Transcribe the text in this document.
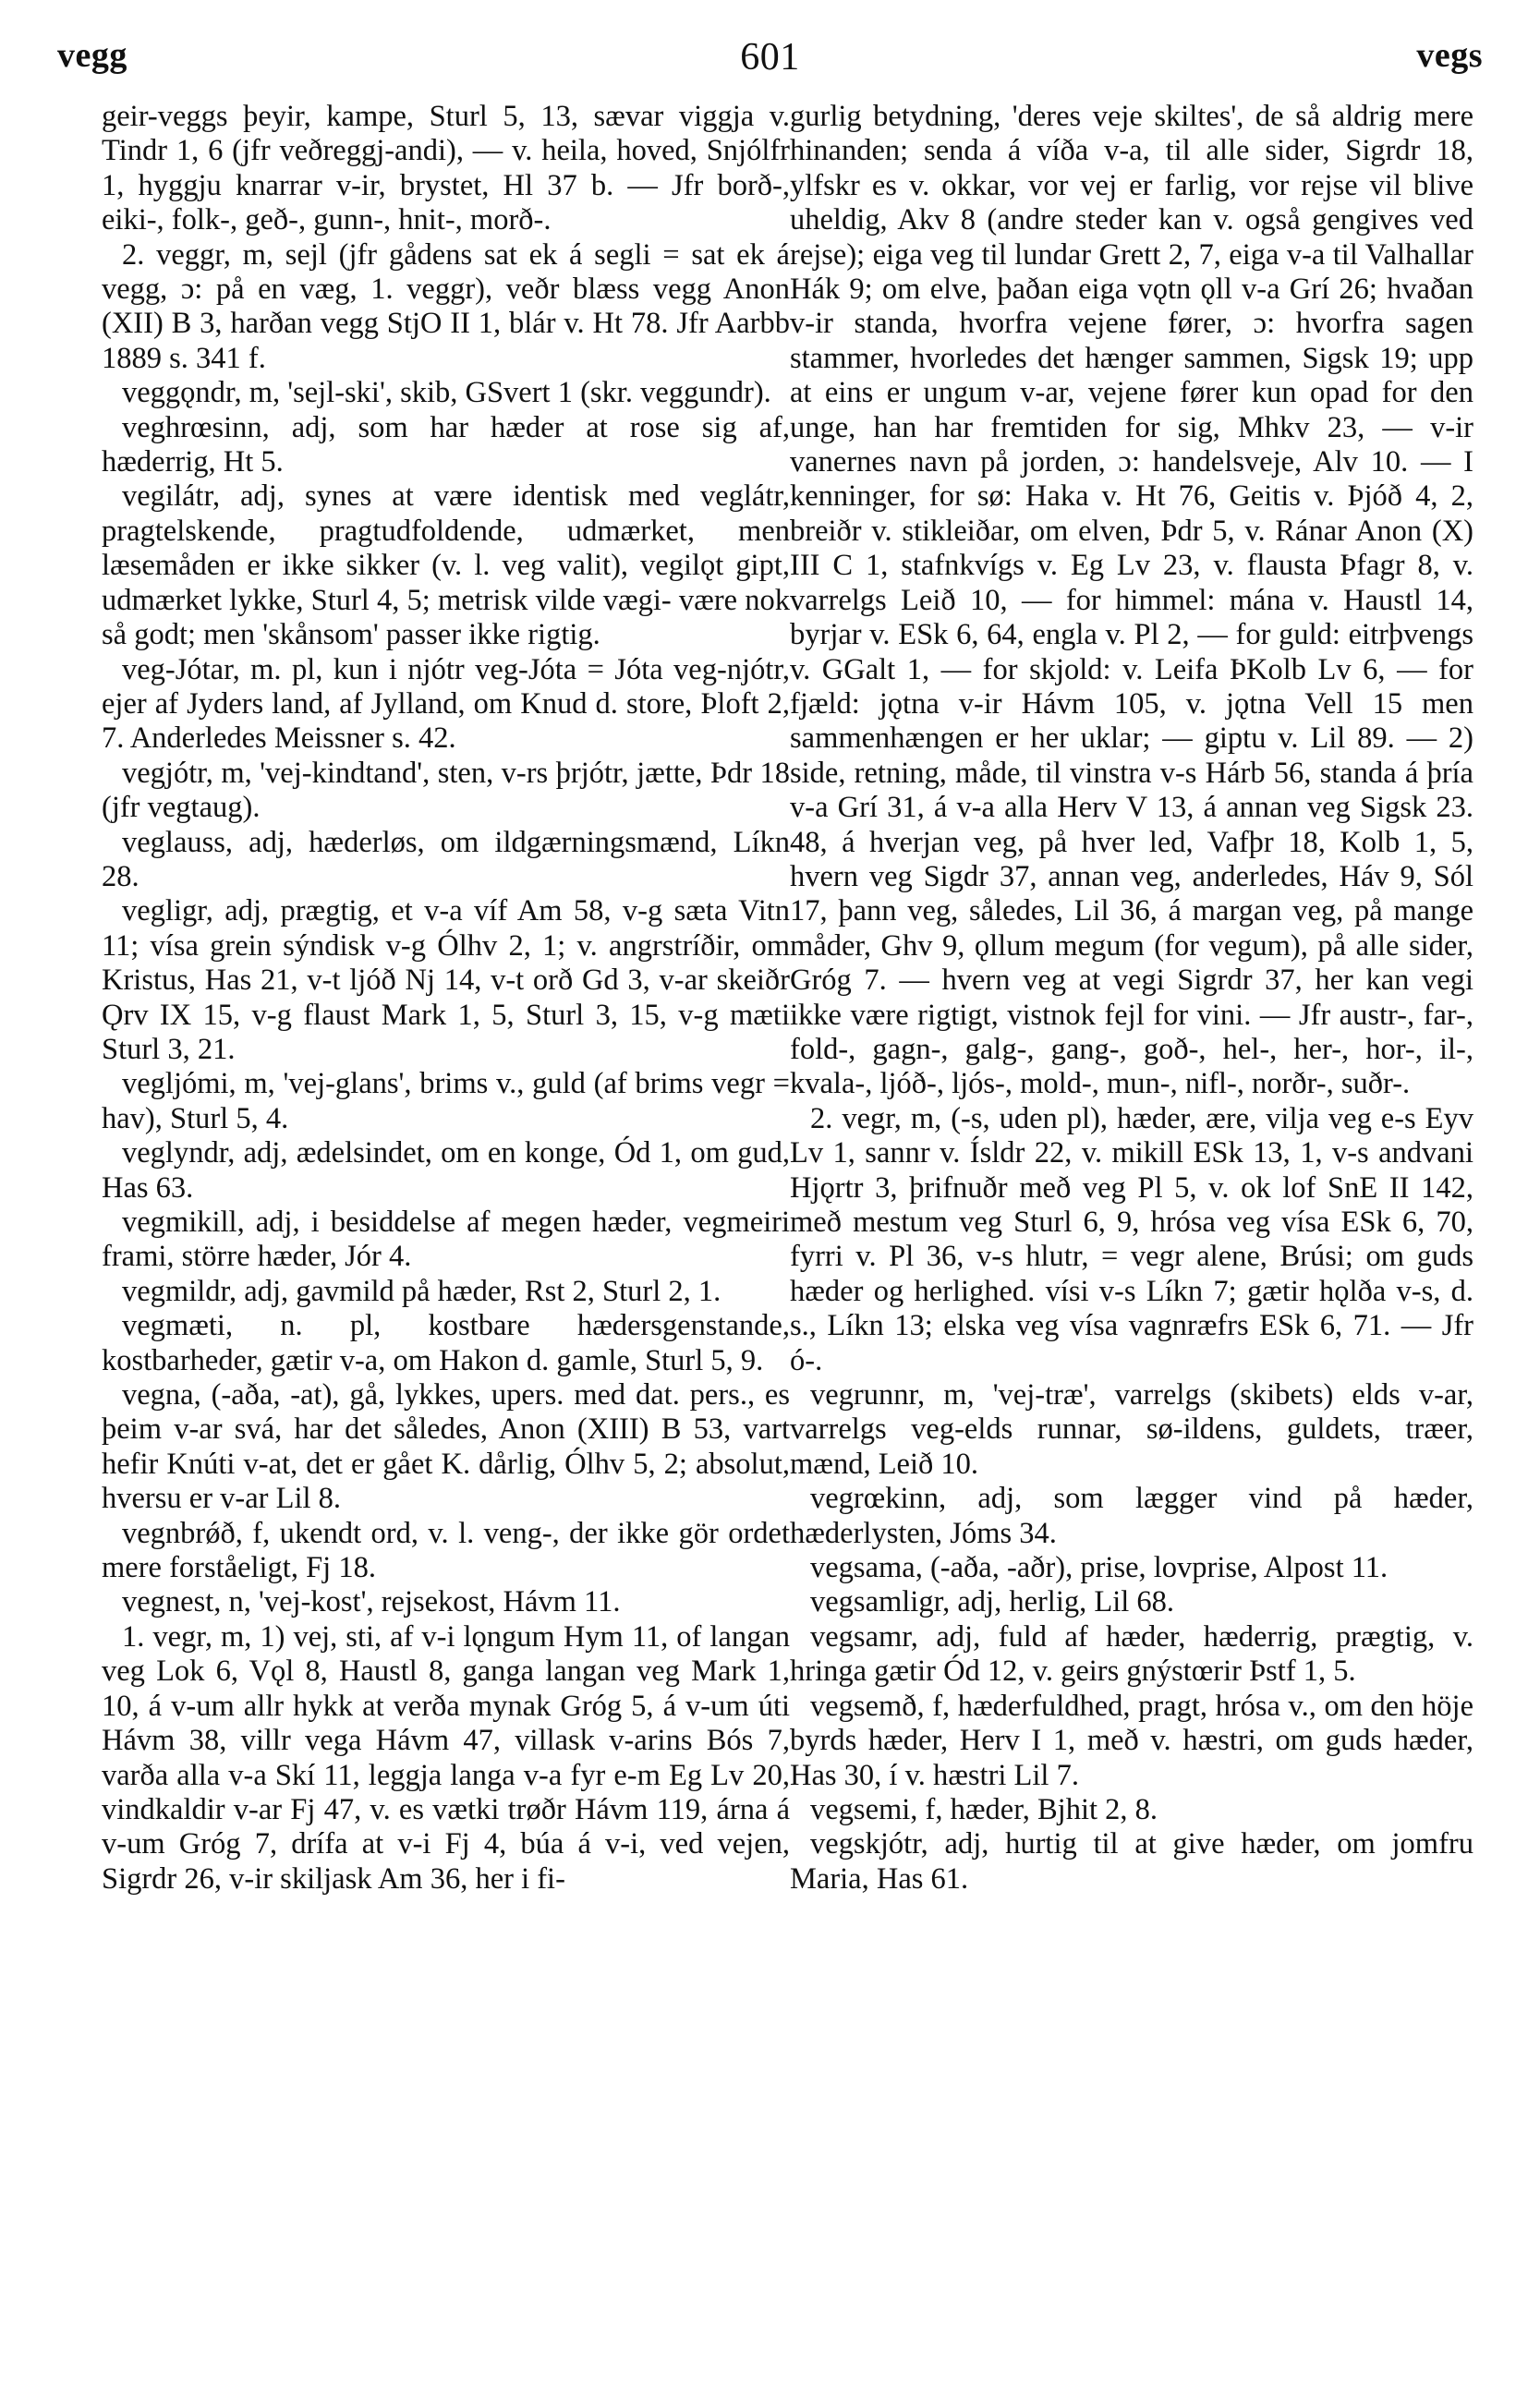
vegg	601	vegs

geir-veggs þeyir, kampe, Sturl 5, 13, sævar viggja v. Tindr 1, 6 (jfr veðreggj-andi), — v. heila, hoved, Snjólfr 1, hyggju knarrar v-ir, brystet, Hl 37 b. — Jfr borð-, eiki-, folk-, geð-, gunn-, hnit-, morð-.

2. veggr, m, sejl (jfr gådens sat ek á segli = sat ek á vegg, ɔ: på en væg, 1. veggr), veðr blæss vegg Anon (XII) B 3, harðan vegg StjO II 1, blár v. Ht 78. Jfr Aarbb 1889 s. 341 f.

veggǫndr, m, 'sejl-ski', skib, GSvert 1 (skr. veggundr).

veghrœsinn, adj, som har hæder at rose sig af, hæderrig, Ht 5.

vegilátr, adj, synes at være identisk med veglátr, pragtelskende, pragtudfoldende, udmærket, men læsemåden er ikke sikker (v. l. veg valit), vegilǫt gipt, udmærket lykke, Sturl 4, 5; metrisk vilde vægi- være nok så godt; men 'skånsom' passer ikke rigtig.

veg-Jótar, m. pl, kun i njótr veg-Jóta = Jóta veg-njótr, ejer af Jyders land, af Jylland, om Knud d. store, Þloft 2, 7. Anderledes Meissner s. 42.

vegjótr, m, 'vej-kindtand', sten, v-rs þrjótr, jætte, Þdr 18 (jfr vegtaug).

veglauss, adj, hæderløs, om ildgærningsmænd, Líkn 28.

vegligr, adj, prægtig, et v-a víf Am 58, v-g sæta Vitn 11; vísa grein sýndisk v-g Ólhv 2, 1; v. angrstríðir, om Kristus, Has 21, v-t ljóð Nj 14, v-t orð Gd 3, v-ar skeiðr Ǫrv IX 15, v-g flaust Mark 1, 5, Sturl 3, 15, v-g mæti Sturl 3, 21.

vegljómi, m, 'vej-glans', brims v., guld (af brims vegr = hav), Sturl 5, 4.

veglyndr, adj, ædelsindet, om en konge, Ód 1, om gud, Has 63.

vegmikill, adj, i besiddelse af megen hæder, vegmeiri frami, större hæder, Jór 4.

vegmildr, adj, gavmild på hæder, Rst 2, Sturl 2, 1.

vegmæti, n. pl, kostbare hædersgenstande, kostbarheder, gætir v-a, om Hakon d. gamle, Sturl 5, 9.

vegna, (-aða, -at), gå, lykkes, upers. med dat. pers., es þeim v-ar svá, har det således, Anon (XIII) B 53, vart hefir Knúti v-at, det er gået K. dårlig, Ólhv 5, 2; absolut, hversu er v-ar Lil 8.

vegnbrǿð, f, ukendt ord, v. l. veng-, der ikke gör ordet mere forståeligt, Fj 18.

vegnest, n, 'vej-kost', rejsekost, Hávm 11.

1. vegr, m, 1) vej, sti, af v-i lǫngum Hym 11, of langan veg Lok 6, Vǫl 8, Haustl 8, ganga langan veg Mark 1, 10, á v-um allr hykk at verða mynak Gróg 5, á v-um úti Hávm 38, villr vega Hávm 47, villask v-arins Bós 7, varða alla v-a Skí 11, leggja langa v-a fyr e-m Eg Lv 20, vindkaldir v-ar Fj 47, v. es vætki trøðr Hávm 119, árna á v-um Gróg 7, drífa at v-i Fj 4, búa á v-i, ved vejen, Sigrdr 26, v-ir skiljask Am 36, her i fi-

gurlig betydning, 'deres veje skiltes', de så aldrig mere hinanden; senda á víða v-a, til alle sider, Sigrdr 18, ylfskr es v. okkar, vor vej er farlig, vor rejse vil blive uheldig, Akv 8 (andre steder kan v. også gengives ved rejse); eiga veg til lundar Grett 2, 7, eiga v-a til Valhallar Hák 9; om elve, þaðan eiga vǫtn ǫll v-a Grí 26; hvaðan v-ir standa, hvorfra vejene fører, ɔ: hvorfra sagen stammer, hvorledes det hænger sammen, Sigsk 19; upp at eins er ungum v-ar, vejene fører kun opad for den unge, han har fremtiden for sig, Mhkv 23, — v-ir vanernes navn på jorden, ɔ: handelsveje, Alv 10. — I kenninger, for sø: Haka v. Ht 76, Geitis v. Þjóð 4, 2, breiðr v. stikleiðar, om elven, Þdr 5, v. Ránar Anon (X) III C 1, stafnkvígs v. Eg Lv 23, v. flausta Þfagr 8, v. varrelgs Leið 10, — for himmel: mána v. Haustl 14, byrjar v. ESk 6, 64, engla v. Pl 2, — for guld: eitrþvengs v. GGalt 1, — for skjold: v. Leifa ÞKolb Lv 6, — for fjæld: jǫtna v-ir Hávm 105, v. jǫtna Vell 15 men sammenhængen er her uklar; — giptu v. Lil 89. — 2) side, retning, måde, til vinstra v-s Hárb 56, standa á þría v-a Grí 31, á v-a alla Herv V 13, á annan veg Sigsk 23. 48, á hverjan veg, på hver led, Vafþr 18, Kolb 1, 5, hvern veg Sigdr 37, annan veg, anderledes, Háv 9, Sól 17, þann veg, således, Lil 36, á margan veg, på mange måder, Ghv 9, ǫllum megum (for vegum), på alle sider, Gróg 7. — hvern veg at vegi Sigrdr 37, her kan vegi ikke være rigtigt, vistnok fejl for vini. — Jfr austr-, far-, fold-, gagn-, galg-, gang-, goð-, hel-, her-, hor-, il-, kvala-, ljóð-, ljós-, mold-, mun-, nifl-, norðr-, suðr-.

2. vegr, m, (-s, uden pl), hæder, ære, vilja veg e-s Eyv Lv 1, sannr v. Ísldr 22, v. mikill ESk 13, 1, v-s andvani Hjǫrtr 3, þrifnuðr með veg Pl 5, v. ok lof SnE II 142, með mestum veg Sturl 6, 9, hrósa veg vísa ESk 6, 70, fyrri v. Pl 36, v-s hlutr, = vegr alene, Brúsi; om guds hæder og herlighed. vísi v-s Líkn 7; gætir hǫlða v-s, d. s., Líkn 13; elska veg vísa vagnræfrs ESk 6, 71. — Jfr ó-.

vegrunnr, m, 'vej-træ', varrelgs (skibets) elds v-ar, varrelgs veg-elds runnar, sø-ildens, guldets, træer, mænd, Leið 10.

vegrœkinn, adj, som lægger vind på hæder, hæderlysten, Jóms 34.

vegsama, (-aða, -aðr), prise, lovprise, Alpost 11.

vegsamligr, adj, herlig, Lil 68.

vegsamr, adj, fuld af hæder, hæderrig, prægtig, v. hringa gætir Ód 12, v. geirs gnýstœrir Þstf 1, 5.

vegsemð, f, hæderfuldhed, pragt, hrósa v., om den höje byrds hæder, Herv I 1, með v. hæstri, om guds hæder, Has 30, í v. hæstri Lil 7.

vegsemi, f, hæder, Bjhit 2, 8.

vegskjótr, adj, hurtig til at give hæder, om jomfru Maria, Has 61.
